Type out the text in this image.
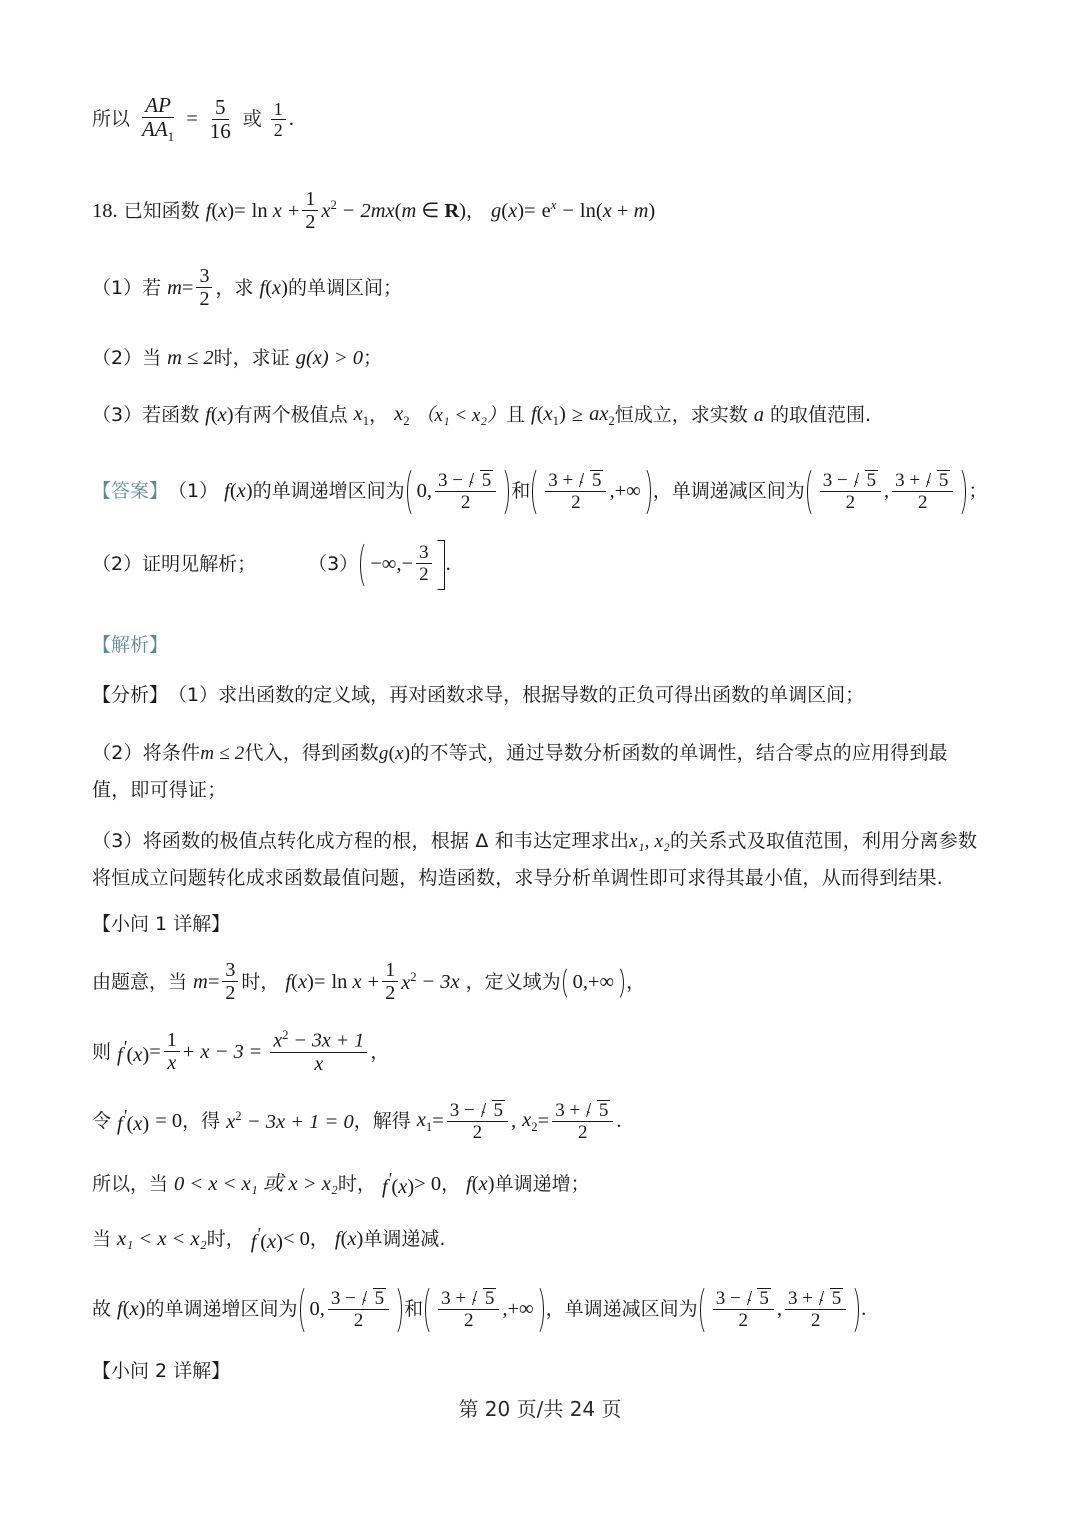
所以 $\frac{AP}{AA_1} = \frac{5}{16}$ 或 $\frac{1}{2}$ .
18. 已知函数 f $(x) = \ln x + \frac{1}{2} x^2 - 2mx$ (m ∈ R) ， g $(x) = e^x - \ln(x + m)$
（1） 若 $m = \frac{3}{2}$ ，求 f(x) 的单调区间；
（2） 当 m ≤ 2 时，求证 g(x) > 0 ；
（3） 若函数 f(x) 有两个极值点 $x_1$ ， $x_2$ （x₁ < x₂） 且 $f(x_1) \ge ax_2$ 恒成立，求实数 a 的取值范围.
【答案】 （1） f(x) 的单调递增区间为 0, $\frac{3 - 5}{2}$ 和 $\frac{3 + 5}{2}$ ,+∞ ，单调递减区间为 $\frac{3 - 5}{2}$ , $\frac{3 + 5}{2}$ ；
（2） 证明见解析；	（3） −∞,− $\frac{3}{2}$ .
【解析】
【分析】 （1）求出函数的定义域，再对函数求导，根据导数的正负可得出函数的单调区间；
（2）将条件m ≤ 2代入，得到函数g(x)的不等式，通过导数分析函数的单调性，结合零点的应用得到最值，即可得证；
（3）将函数的极值点转化成方程的根，根据 Δ 和韦达定理求出x₁, x₂的关系式及取值范围，利用分离参数将恒成立问题转化成求函数最值问题，构造函数，求导分析单调性即可求得其最小值，从而得到结果.
【小问 1 详解】
由题意，当 $m = \frac{3}{2}$ 时， $f(x) = \ln x + \frac{1}{2} x^2 - 3x$ ，定义域为 0,+∞ ，
则 $f'(x) = \frac{1}{x} + x - 3 = \frac{x^2 - 3x + 1}{x}$ ，
令 f'(x) = 0 ，得 $x^2 - 3x + 1 = 0$ ，解得 $x_1 = \frac{3 - 5}{2}$ , $x_2 = \frac{3 + 5}{2}$ .
所以，当 0 < x < x₁ 或 x > x₂ 时， f'(x) > 0 ， f(x) 单调递增；
当 x₁ < x < x₂ 时， f'(x) < 0 ， f(x) 单调递减.
故 f(x) 的单调递增区间为 0, $\frac{3 - 5}{2}$ 和 $\frac{3 + 5}{2}$ ,+∞ ，单调递减区间为 $\frac{3 - 5}{2}$ , $\frac{3 + 5}{2}$ .
【小问 2 详解】
第 20 页/共 24 页
